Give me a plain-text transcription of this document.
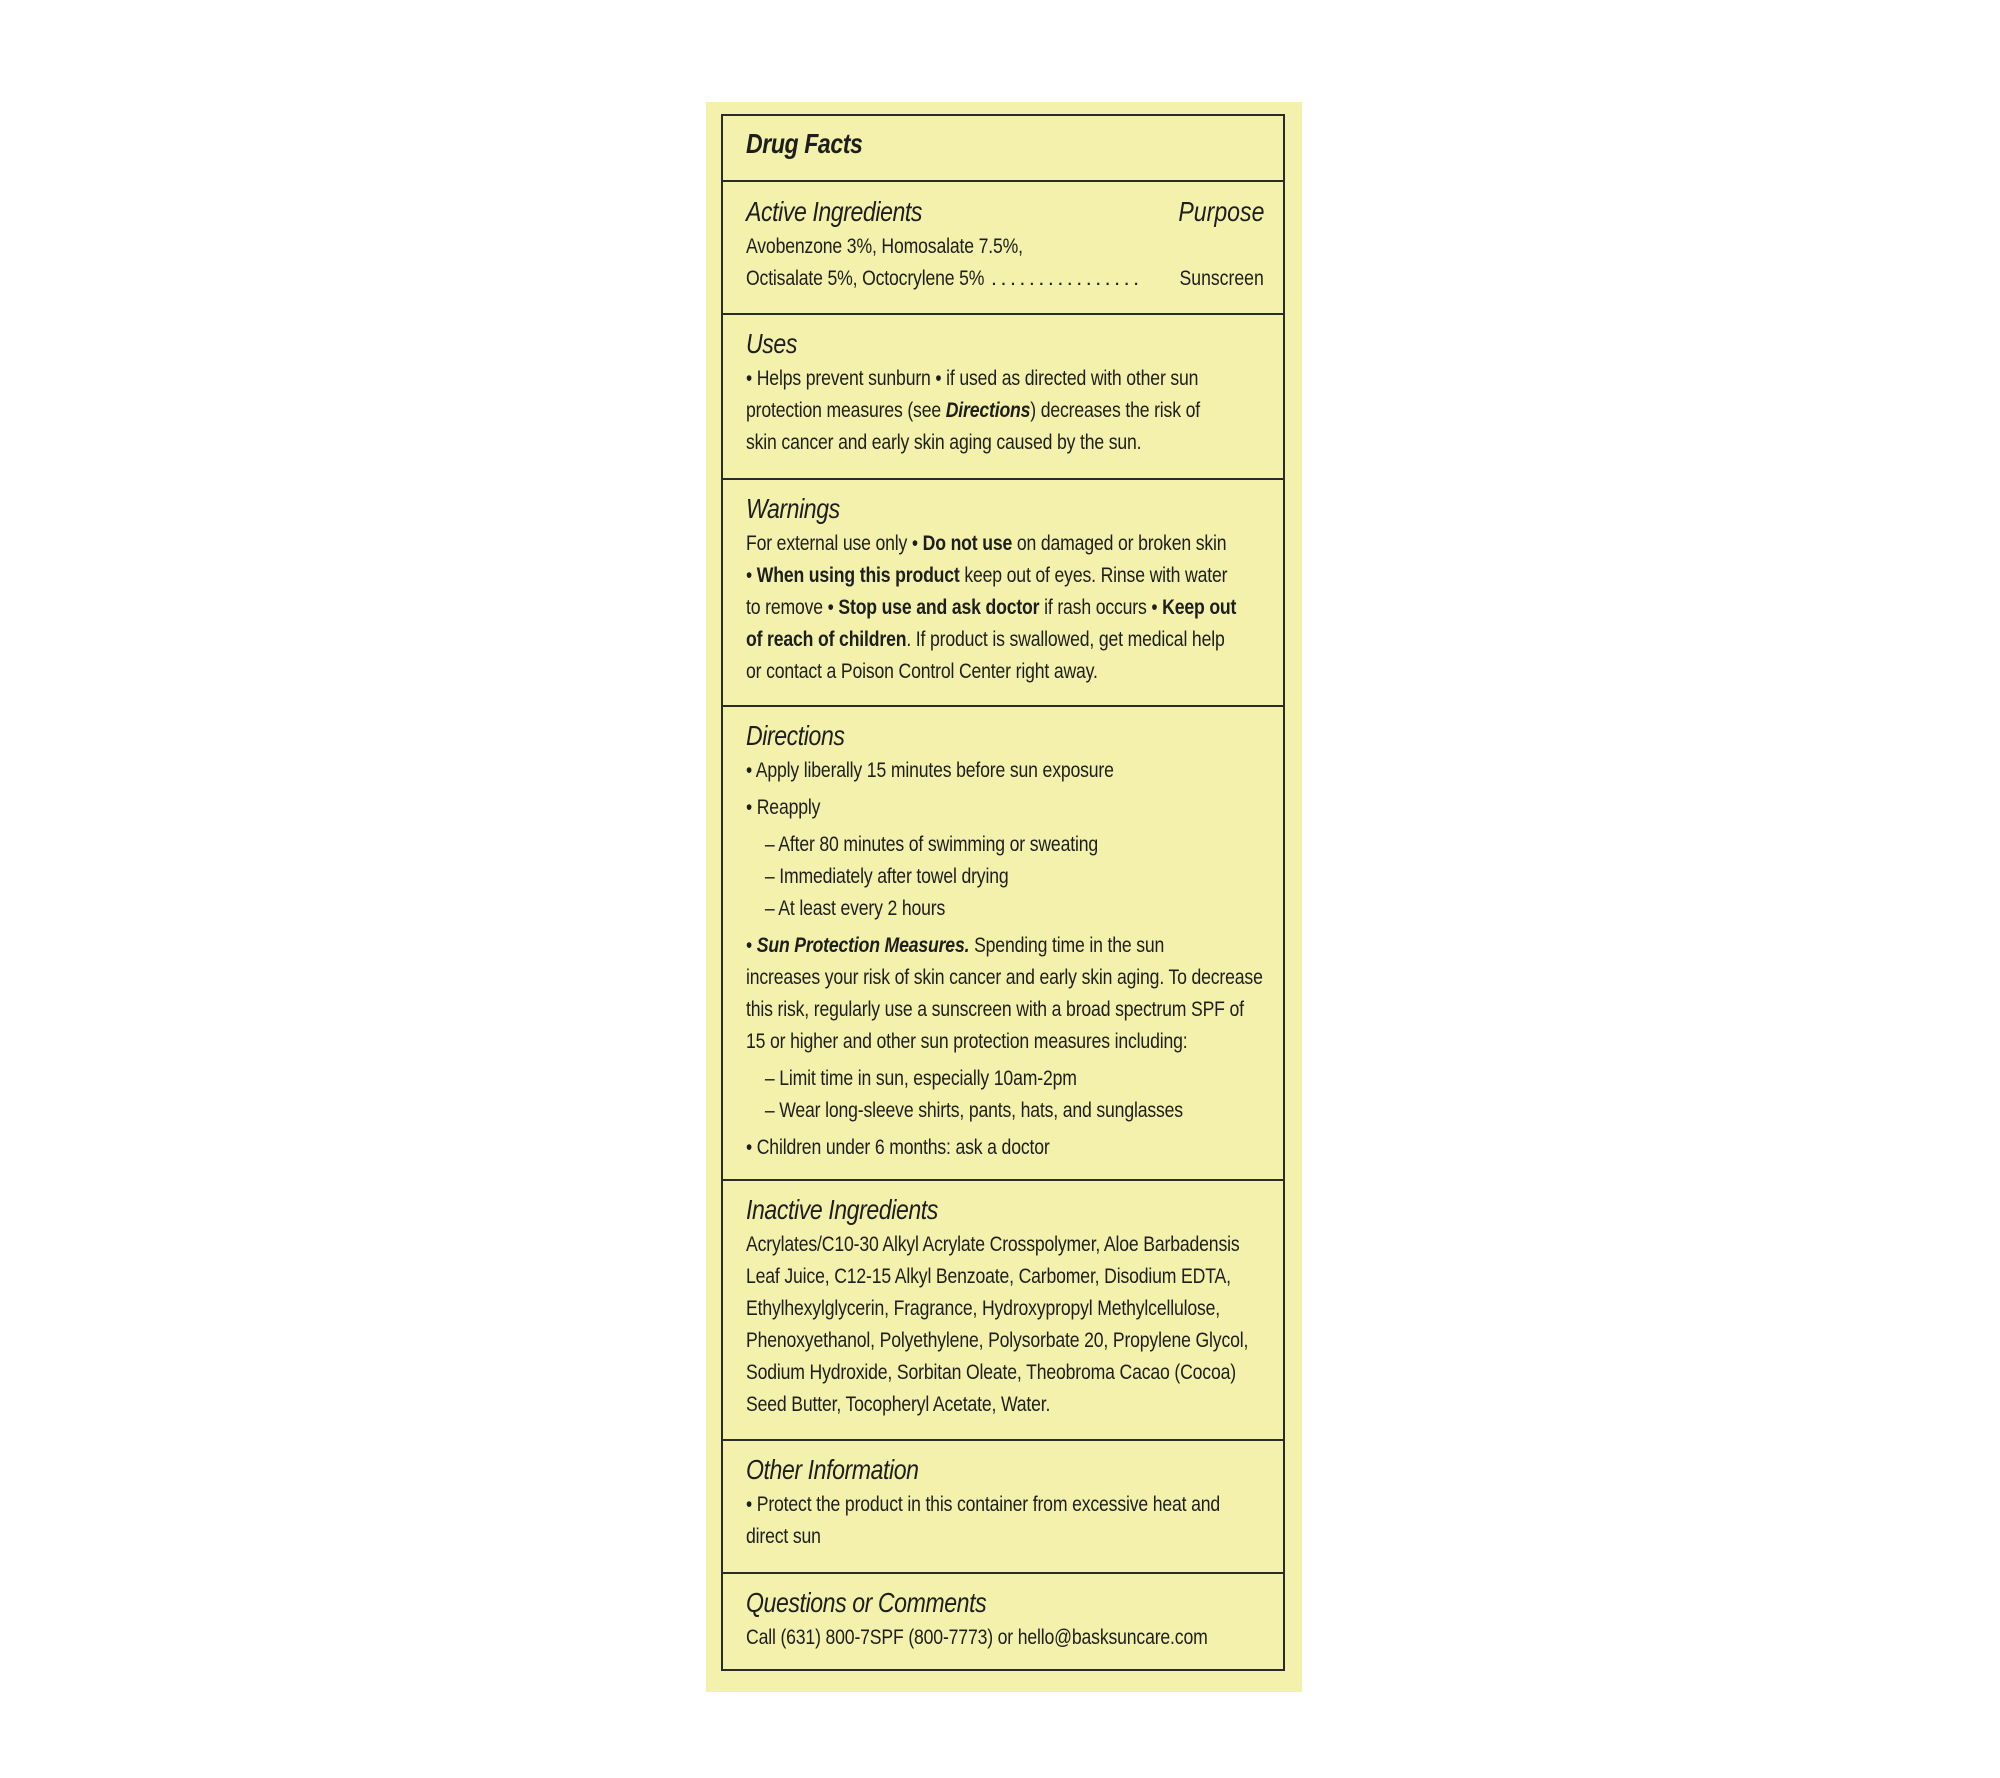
Drug Facts
Active Ingredients	Purpose
Avobenzone 3%, Homosalate 7.5%,
Octisalate 5%, Octocrylene 5% ................ Sunscreen
Uses
• Helps prevent sunburn • if used as directed with other sun
protection measures (see Directions) decreases the risk of
skin cancer and early skin aging caused by the sun.
Warnings
For external use only • Do not use on damaged or broken skin
• When using this product keep out of eyes. Rinse with water
to remove • Stop use and ask doctor if rash occurs • Keep out
of reach of children. If product is swallowed, get medical help
or contact a Poison Control Center right away.
Directions
• Apply liberally 15 minutes before sun exposure
• Reapply
– After 80 minutes of swimming or sweating
– Immediately after towel drying
– At least every 2 hours
• Sun Protection Measures. Spending time in the sun
increases your risk of skin cancer and early skin aging. To decrease
this risk, regularly use a sunscreen with a broad spectrum SPF of
15 or higher and other sun protection measures including:
– Limit time in sun, especially 10am-2pm
– Wear long-sleeve shirts, pants, hats, and sunglasses
• Children under 6 months: ask a doctor
Inactive Ingredients
Acrylates/C10-30 Alkyl Acrylate Crosspolymer, Aloe Barbadensis
Leaf Juice, C12-15 Alkyl Benzoate, Carbomer, Disodium EDTA,
Ethylhexylglycerin, Fragrance, Hydroxypropyl Methylcellulose,
Phenoxyethanol, Polyethylene, Polysorbate 20, Propylene Glycol,
Sodium Hydroxide, Sorbitan Oleate, Theobroma Cacao (Cocoa)
Seed Butter, Tocopheryl Acetate, Water.
Other Information
• Protect the product in this container from excessive heat and
direct sun
Questions or Comments
Call (631) 800-7SPF (800-7773) or hello@basksuncare.com
